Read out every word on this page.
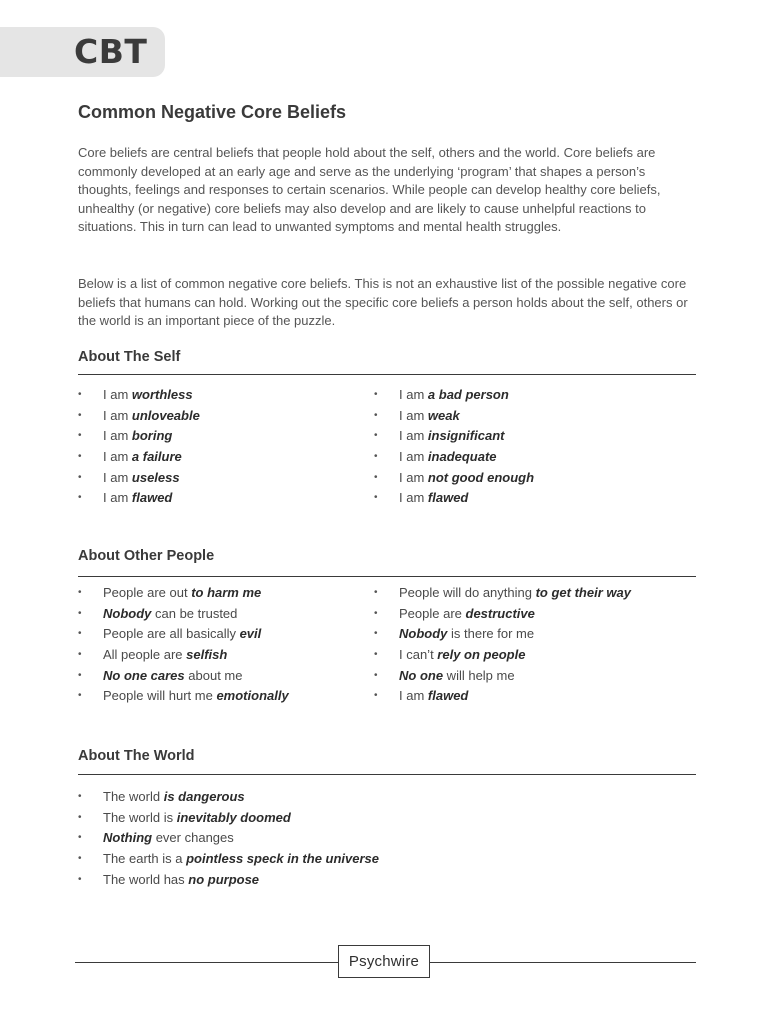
CBT
Common Negative Core Beliefs

Core beliefs are central beliefs that people hold about the self, others and the world. Core beliefs are commonly developed at an early age and serve as the underlying ‘program’ that shapes a person’s thoughts, feelings and responses to certain scenarios. While people can develop healthy core beliefs, unhealthy (or negative) core beliefs may also develop and are likely to cause unhelpful reactions to situations. This in turn can lead to unwanted symptoms and mental health struggles.

Below is a list of common negative core beliefs. This is not an exhaustive list of the possible negative core beliefs that humans can hold. Working out the specific core beliefs a person holds about the self, others or the world is an important piece of the puzzle.

About The Self
• I am worthless
• I am unloveable
• I am boring
• I am a failure
• I am useless
• I am flawed
• I am a bad person
• I am weak
• I am insignificant
• I am inadequate
• I am not good enough
• I am flawed
About Other People
• People are out to harm me
• Nobody can be trusted
• People are all basically evil
• All people are selfish
• No one cares about me
• People will hurt me emotionally
• People will do anything to get their way
• People are destructive
• Nobody is there for me
• I can’t rely on people
• No one will help me
• I am flawed
About The World
• The world is dangerous
• The world is inevitably doomed
• Nothing ever changes
• The earth is a pointless speck in the universe
• The world has no purpose
Psychwire
